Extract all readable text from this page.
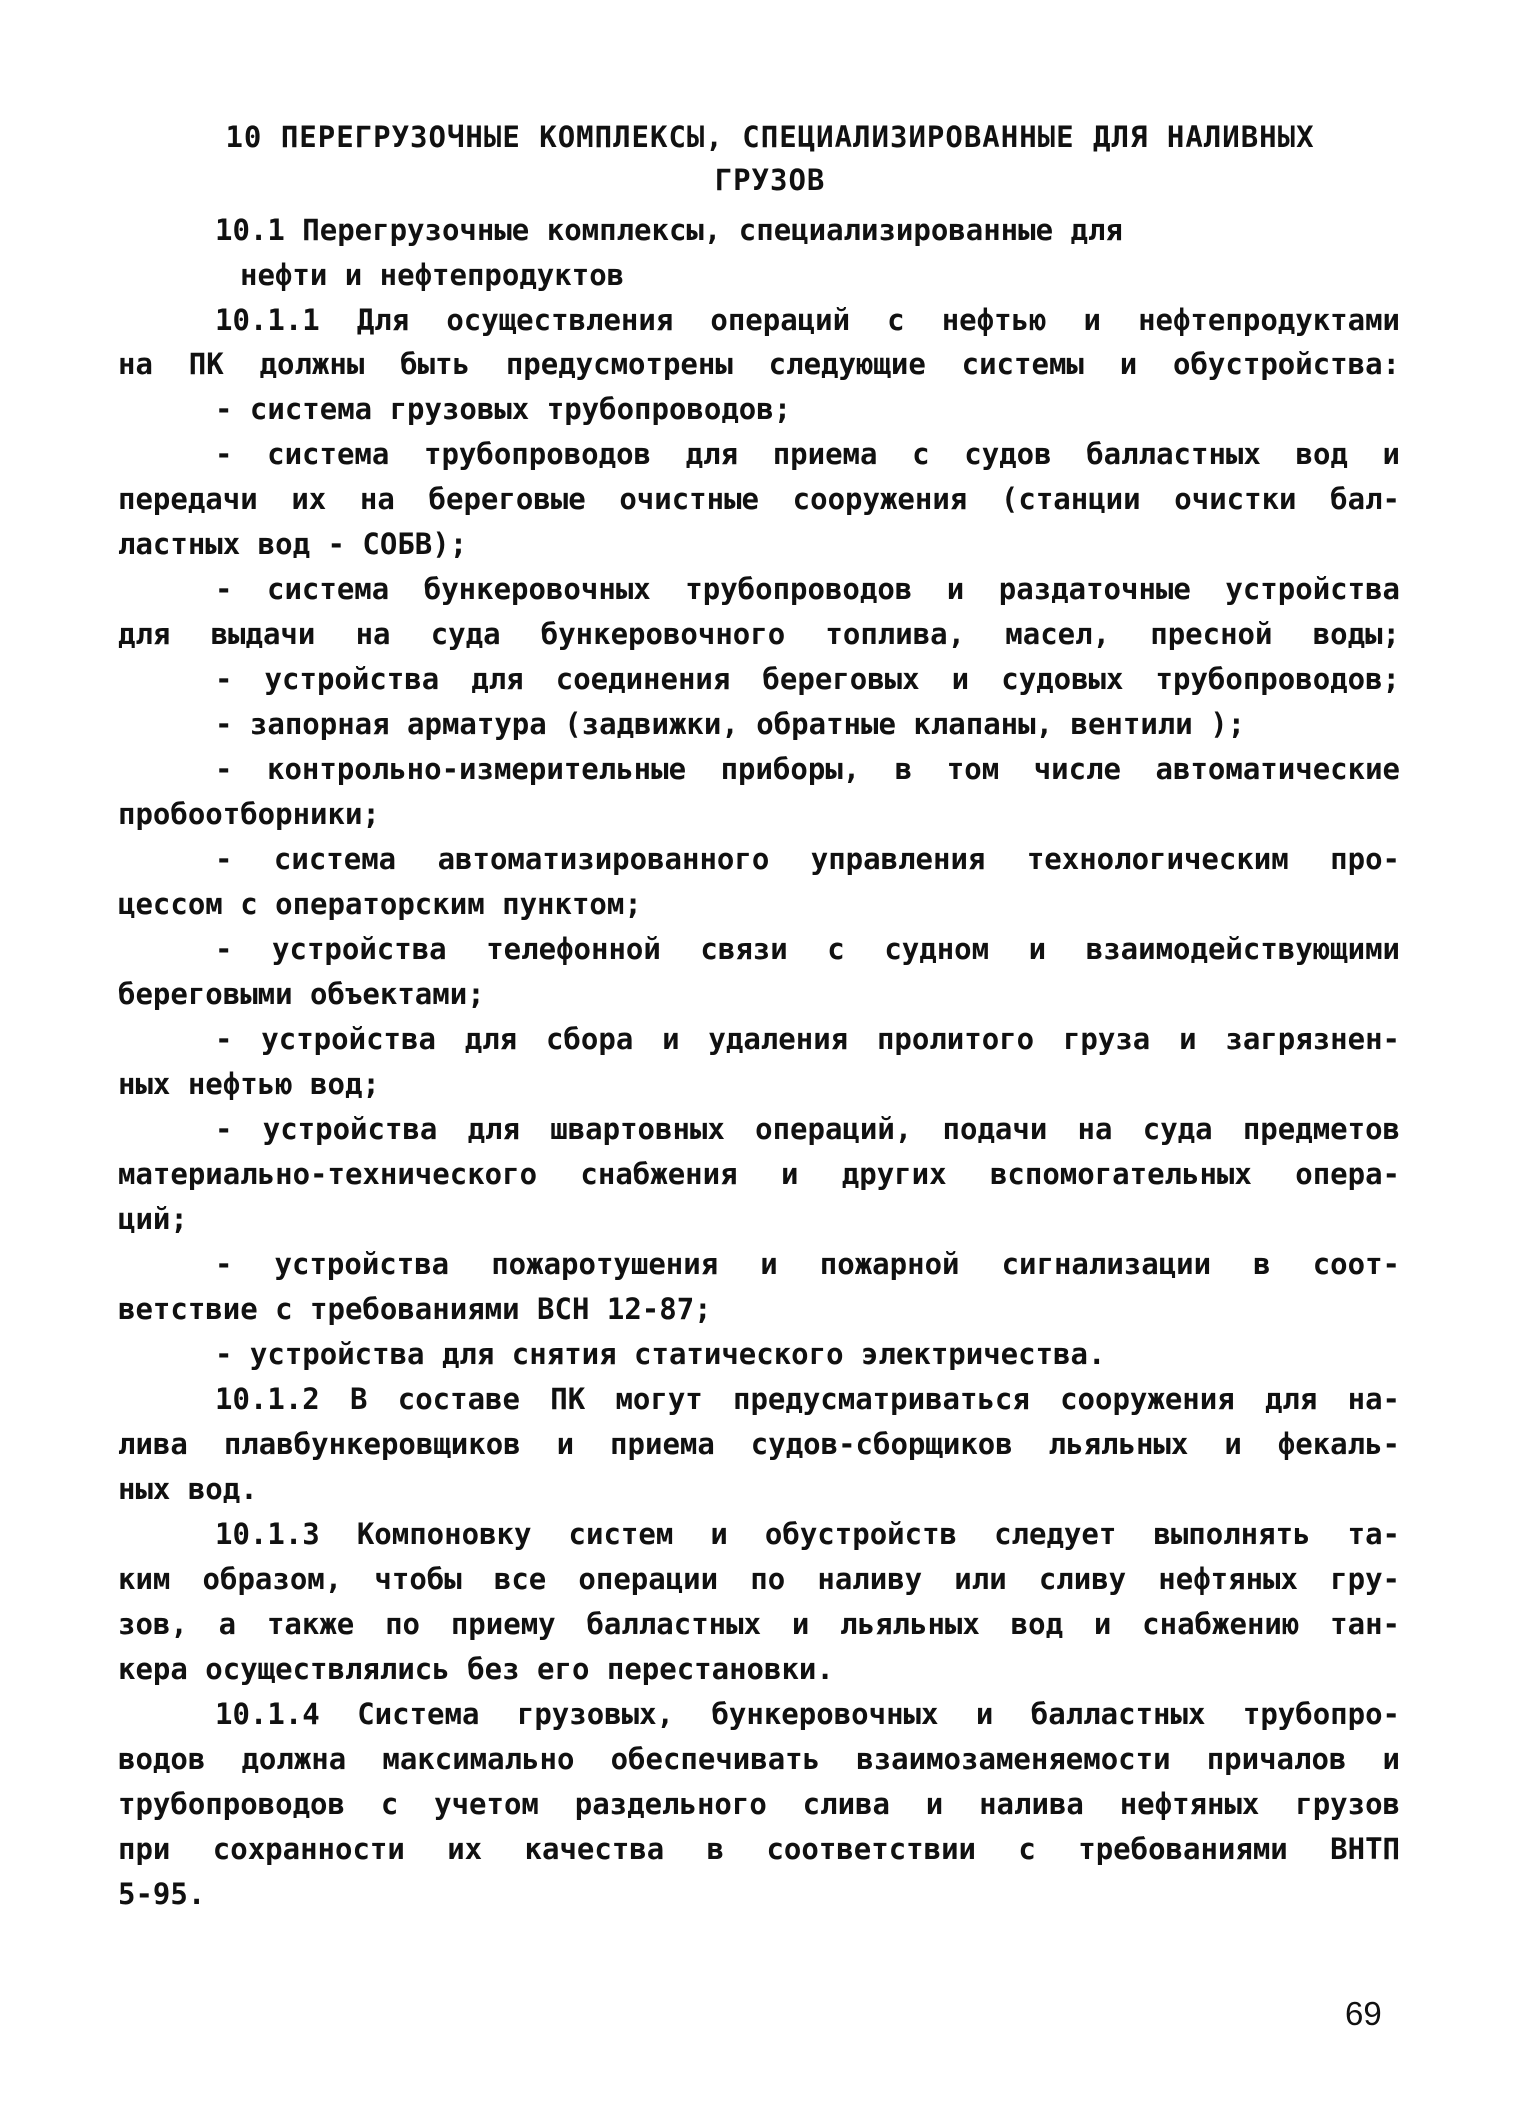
10 ПЕРЕГРУЗОЧНЫЕ КОМПЛЕКСЫ, СПЕЦИАЛИЗИРОВАННЫЕ ДЛЯ НАЛИВНЫХ
ГРУЗОВ
10.1 Перегрузочные комплексы, специализированные для
нефти и нефтепродуктов
10.1.1 Для осуществления операций с нефтью и нефтепродуктами
на ПК должны быть предусмотрены следующие системы и обустройства:
- система грузовых трубопроводов;
- система трубопроводов для приема с судов балластных вод и
передачи их на береговые очистные сооружения (станции очистки бал-
ластных вод - СОБВ);
- система бункеровочных трубопроводов и раздаточные устройства
для выдачи на суда бункеровочного топлива, масел, пресной воды;
- устройства для соединения береговых и судовых трубопроводов;
- запорная арматура (задвижки, обратные клапаны, вентили );
- контрольно-измерительные приборы, в том числе автоматические
пробоотборники;
- система автоматизированного управления технологическим про-
цессом с операторским пунктом;
- устройства телефонной связи с судном и взаимодействующими
береговыми объектами;
- устройства для сбора и удаления пролитого груза и загрязнен-
ных нефтью вод;
- устройства для швартовных операций, подачи на суда предметов
материально-технического снабжения и других вспомогательных опера-
ций;
- устройства пожаротушения и пожарной сигнализации в соот-
ветствие с требованиями ВСН 12-87;
- устройства для снятия статического электричества.
10.1.2 В составе ПК могут предусматриваться сооружения для на-
лива плавбункеровщиков и приема судов-сборщиков льяльных и фекаль-
ных вод.
10.1.3 Компоновку систем и обустройств следует выполнять та-
ким образом, чтобы все операции по наливу или сливу нефтяных гру-
зов, а также по приему балластных и льяльных вод и снабжению тан-
кера осуществлялись без его перестановки.
10.1.4 Система грузовых, бункеровочных и балластных трубопро-
водов должна максимально обеспечивать взаимозаменяемости причалов и
трубопроводов с учетом раздельного слива и налива нефтяных грузов
при сохранности их качества в соответствии с требованиями ВНТП
5-95.
69
